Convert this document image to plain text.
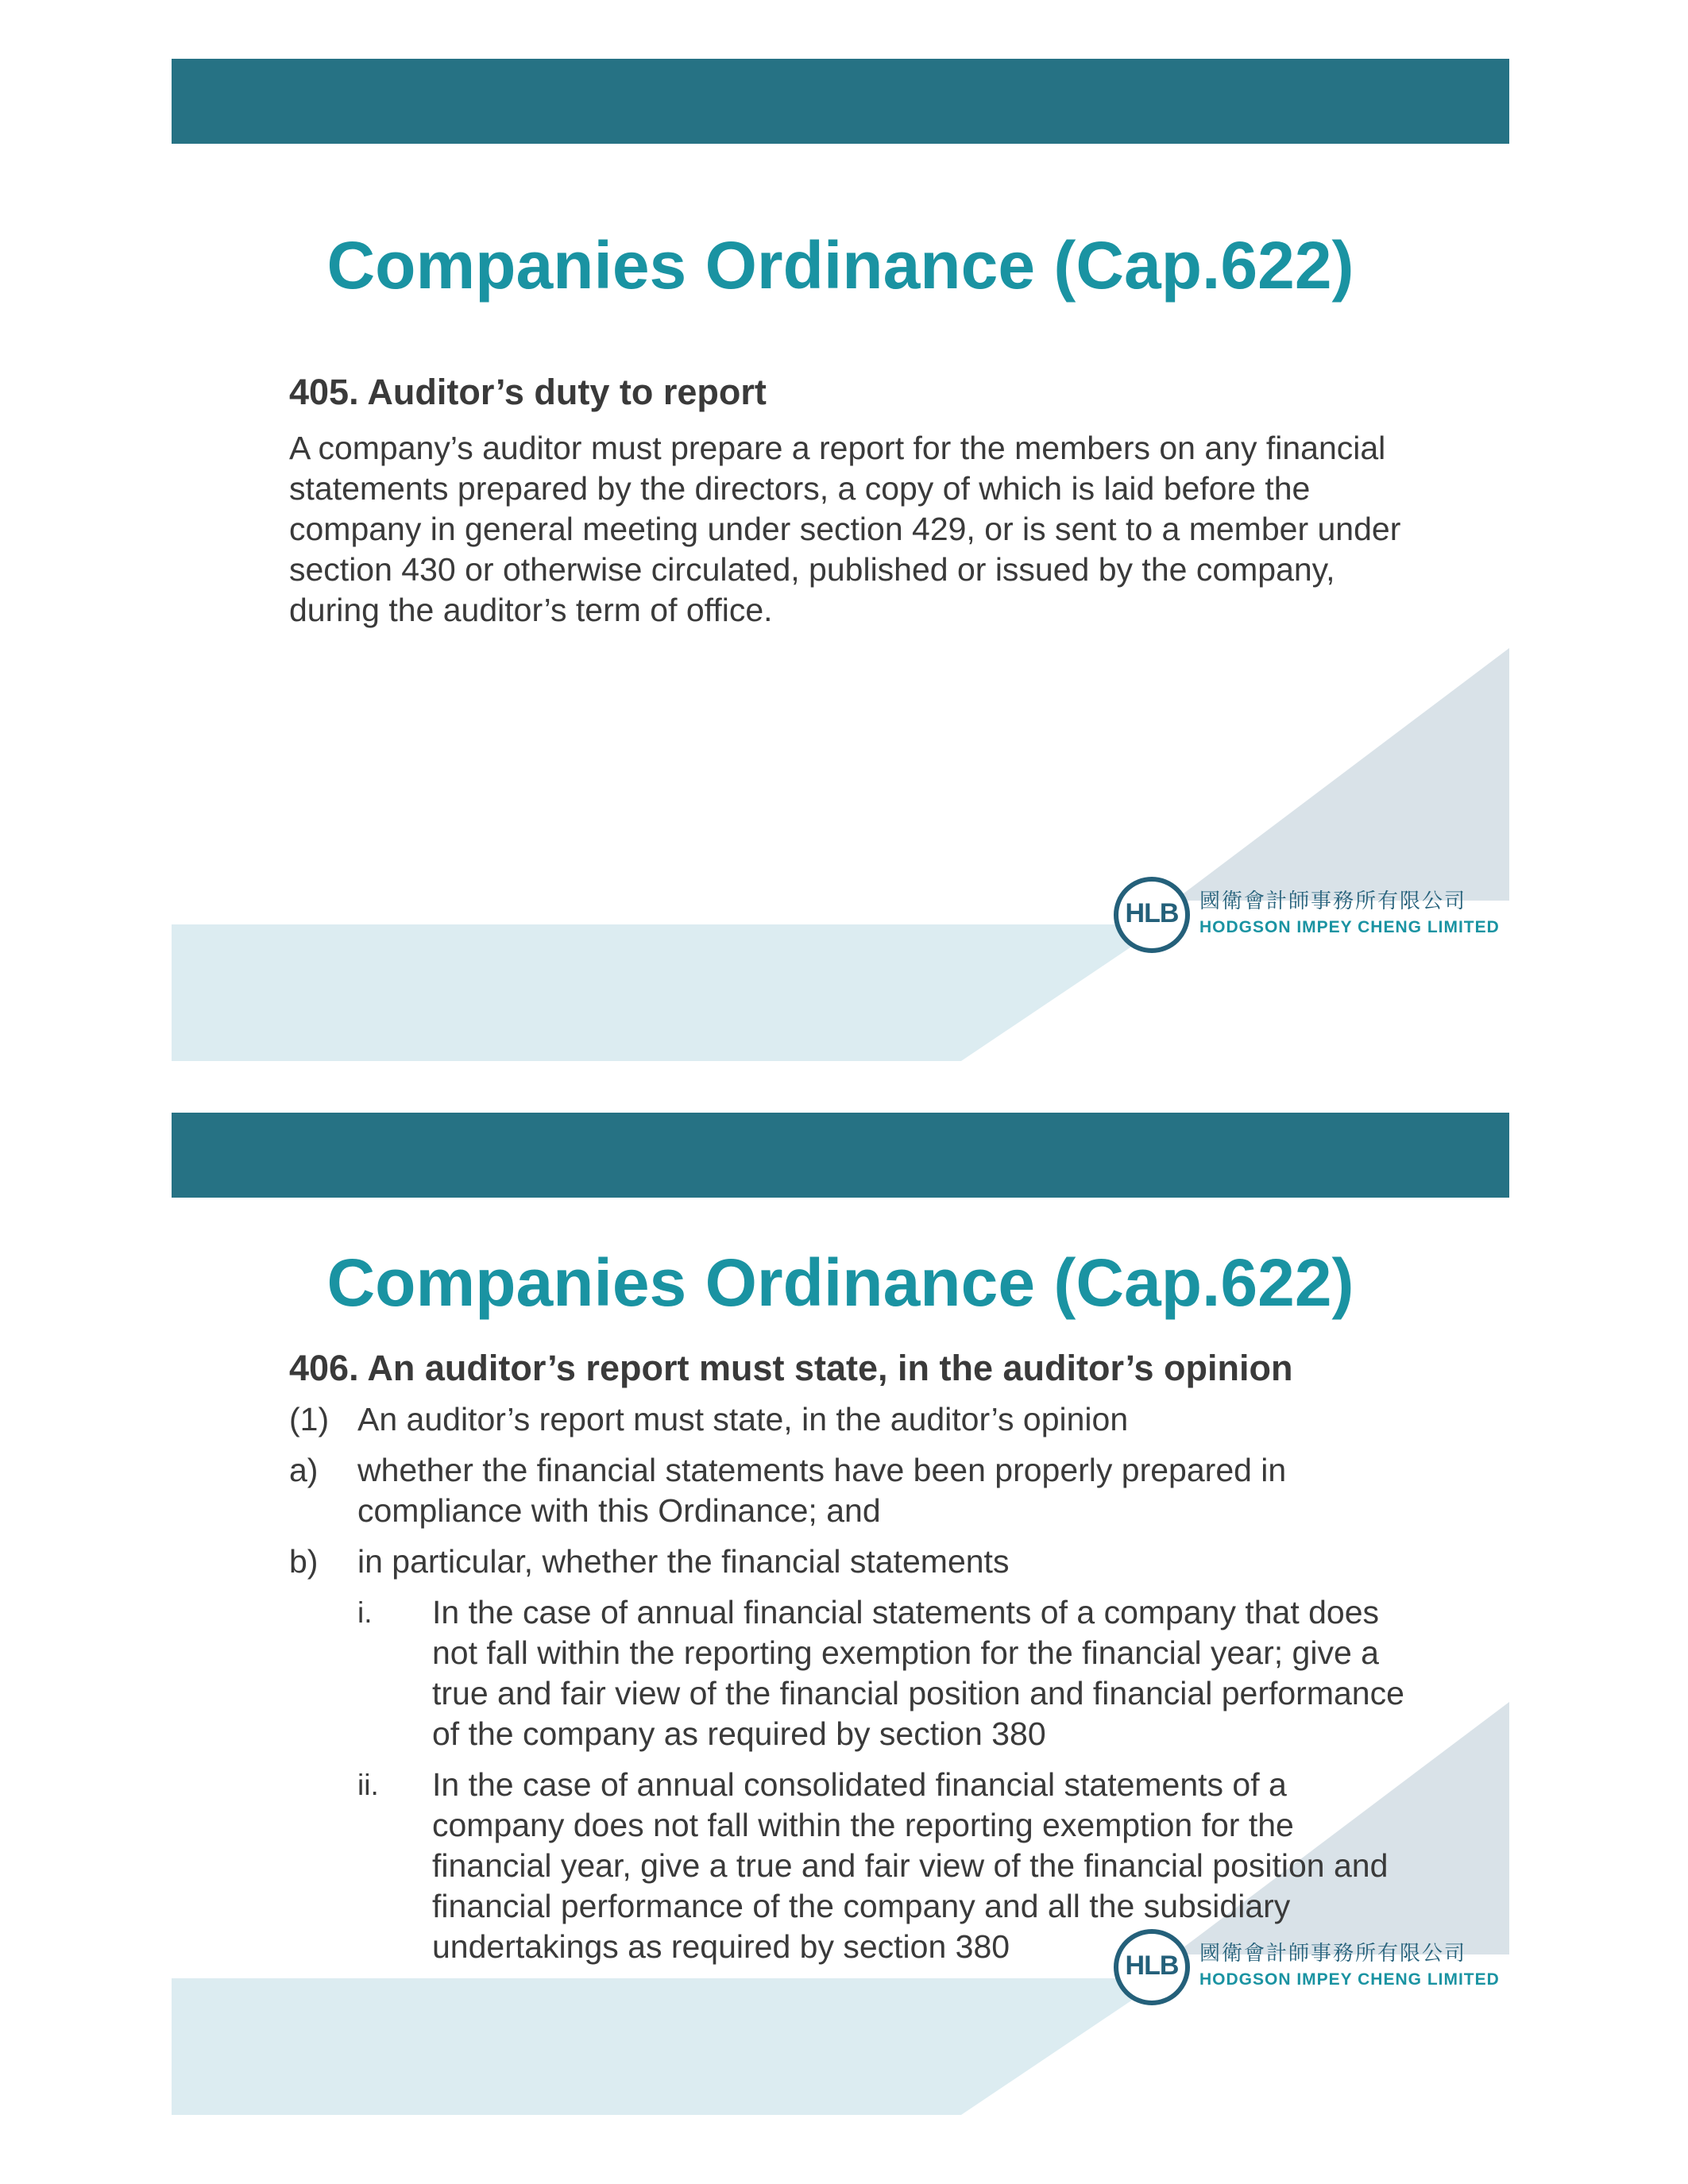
Companies Ordinance (Cap.622)
405. Auditor’s duty to report
A company’s auditor must prepare a report for the members on any financial statements prepared by the directors, a copy of which is laid before the company in general meeting under section 429, or is sent to a member under section 430 or otherwise circulated, published or issued by the company, during the auditor’s term of office.
HLB 國衛會計師事務所有限公司
HODGSON IMPEY CHENG LIMITED
Companies Ordinance (Cap.622)
406. An auditor’s report must state, in the auditor’s opinion
(1) An auditor’s report must state, in the auditor’s opinion
a) whether the financial statements have been properly prepared in compliance with this Ordinance; and
b) in particular, whether the financial statements
i. In the case of annual financial statements of a company that does not fall within the reporting exemption for the financial year; give a true and fair view of the financial position and financial performance of the company as required by section 380
ii. In the case of annual consolidated financial statements of a company does not fall within the reporting exemption for the financial year, give a true and fair view of the financial position and financial performance of the company and all the subsidiary undertakings as required by section 380
HLB 國衛會計師事務所有限公司
HODGSON IMPEY CHENG LIMITED
